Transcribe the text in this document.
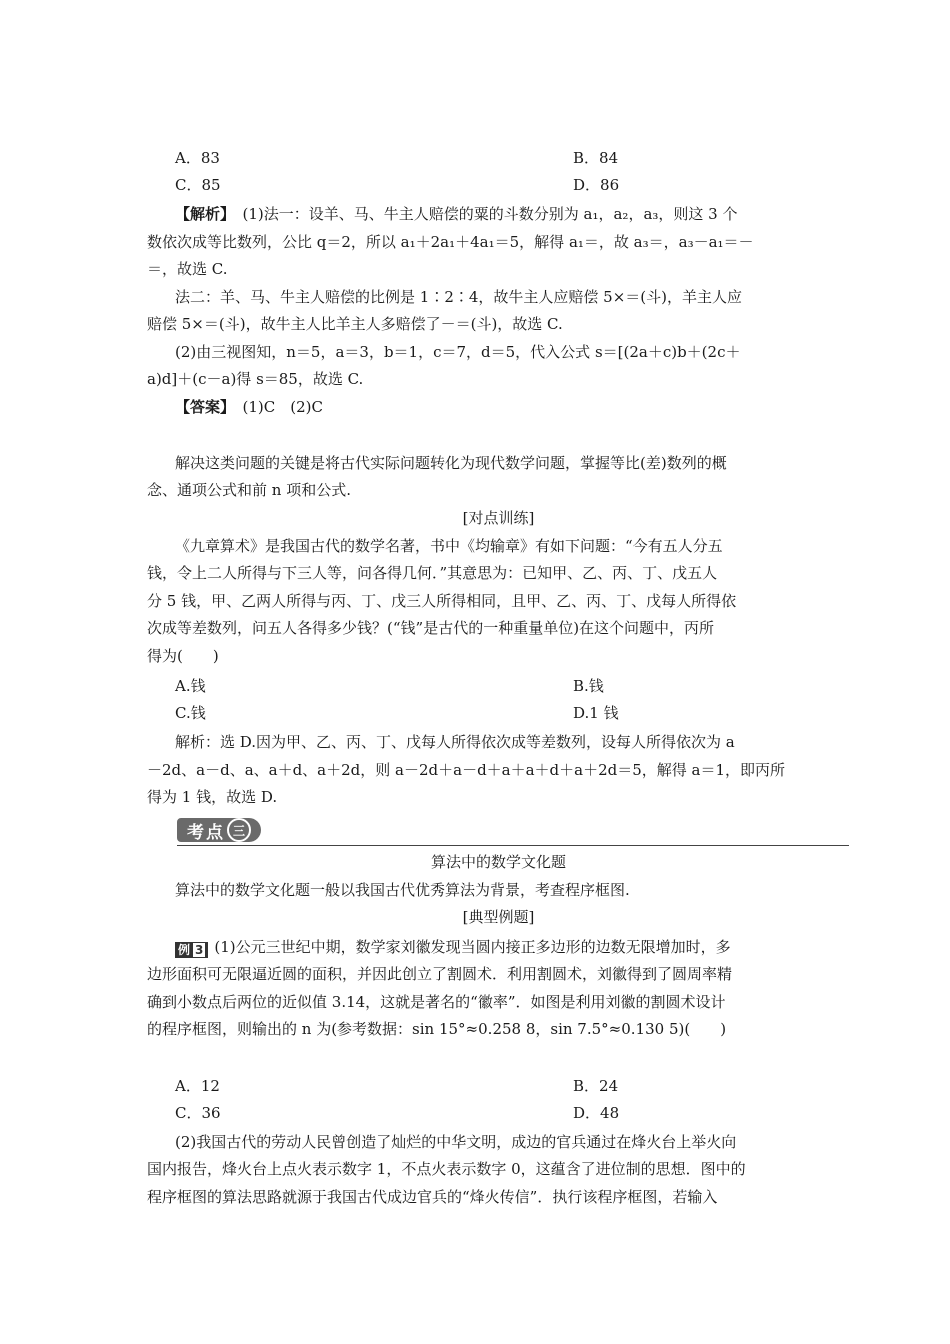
A．83	B．84
C．85	D．86
【解析】　(1)法一：设羊、马、牛主人赔偿的粟的斗数分别为 a₁，a₂，a₃，则这 3 个
数依次成等比数列，公比 q＝2，所以 a₁＋2a₁＋4a₁＝5，解得 a₁＝，故 a₃＝，a₃－a₁＝－
＝，故选 C.
法二：羊、马、牛主人赔偿的比例是 1∶2∶4，故牛主人应赔偿 5×＝(斗)，羊主人应
赔偿 5×＝(斗)，故牛主人比羊主人多赔偿了－＝(斗)，故选 C.
(2)由三视图知，n＝5，a＝3，b＝1，c＝7，d＝5，代入公式 s＝[(2a＋c)b＋(2c＋
a)d]＋(c－a)得 s＝85，故选 C.
【答案】　(1)C　(2)C
解决这类问题的关键是将古代实际问题转化为现代数学问题，掌握等比(差)数列的概
念、通项公式和前 n 项和公式.
[对点训练]
《九章算术》是我国古代的数学名著，书中《均输章》有如下问题：“今有五人分五
钱，令上二人所得与下三人等，问各得几何．”其意思为：已知甲、乙、丙、丁、戊五人
分 5 钱，甲、乙两人所得与丙、丁、戊三人所得相同，且甲、乙、丙、丁、戊每人所得依
次成等差数列，问五人各得多少钱？(“钱”是古代的一种重量单位)在这个问题中，丙所
得为(　　)
A.钱	B.钱
C.钱	D.1 钱
解析：选 D.因为甲、乙、丙、丁、戊每人所得依次成等差数列，设每人所得依次为 a
－2d、a－d、a、a＋d、a＋2d，则 a－2d＋a－d＋a＋a＋d＋a＋2d＝5，解得 a＝1，即丙所
得为 1 钱，故选 D.
考点 三
算法中的数学文化题
算法中的数学文化题一般以我国古代优秀算法为背景，考查程序框图.
[典型例题]
例 3 (1)公元三世纪中期，数学家刘徽发现当圆内接正多边形的边数无限增加时，多
边形面积可无限逼近圆的面积，并因此创立了割圆术．利用割圆术，刘徽得到了圆周率精
确到小数点后两位的近似值 3.14，这就是著名的“徽率”．如图是利用刘徽的割圆术设计
的程序框图，则输出的 n 为(参考数据：sin 15°≈0.258 8，sin 7.5°≈0.130 5)(　　)
A．12	B．24
C．36	D．48
(2)我国古代的劳动人民曾创造了灿烂的中华文明，成边的官兵通过在烽火台上举火向
国内报告，烽火台上点火表示数字 1，不点火表示数字 0，这蕴含了进位制的思想．图中的
程序框图的算法思路就源于我国古代成边官兵的“烽火传信”．执行该程序框图，若输入
